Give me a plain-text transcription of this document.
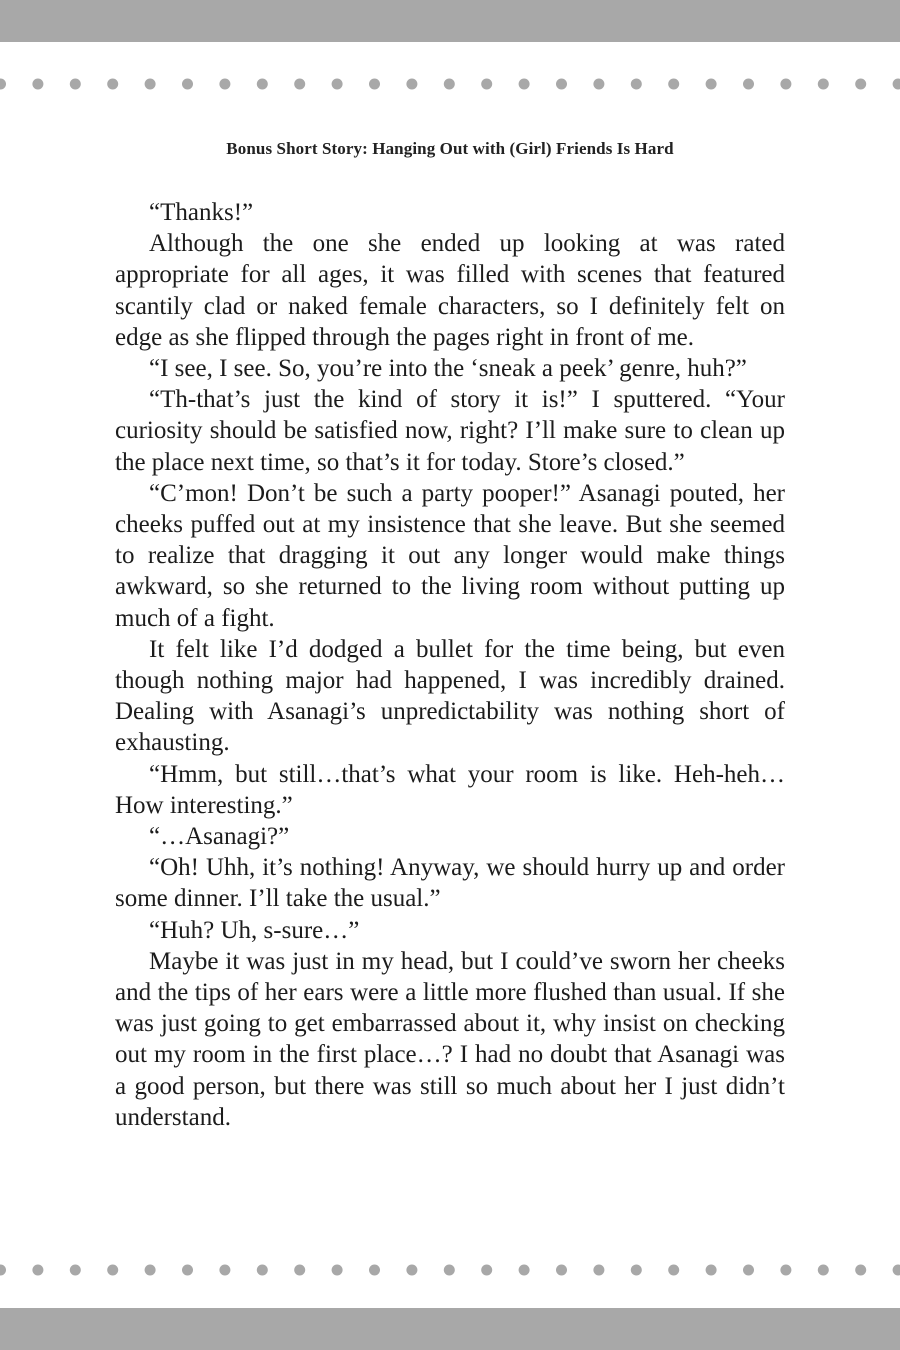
Bonus Short Story: Hanging Out with (Girl) Friends Is Hard

“Thanks!”

Although the one she ended up looking at was rated appropriate for all ages, it was filled with scenes that featured scantily clad or naked female characters, so I definitely felt on edge as she flipped through the pages right in front of me.

“I see, I see. So, you’re into the ‘sneak a peek’ genre, huh?”

“Th-that’s just the kind of story it is!” I sputtered. “Your curiosity should be satisfied now, right? I’ll make sure to clean up the place next time, so that’s it for today. Store’s closed.”

“C’mon! Don’t be such a party pooper!” Asanagi pouted, her cheeks puffed out at my insistence that she leave. But she seemed to realize that dragging it out any longer would make things awkward, so she returned to the living room without putting up much of a fight.

It felt like I’d dodged a bullet for the time being, but even though nothing major had happened, I was incredibly drained. Dealing with Asanagi’s unpredictability was nothing short of exhausting.

“Hmm, but still…that’s what your room is like. Heh-heh… How interesting.”

“…Asanagi?”

“Oh! Uhh, it’s nothing! Anyway, we should hurry up and order some dinner. I’ll take the usual.”

“Huh? Uh, s-sure…”

Maybe it was just in my head, but I could’ve sworn her cheeks and the tips of her ears were a little more flushed than usual. If she was just going to get embarrassed about it, why insist on checking out my room in the first place…? I had no doubt that Asanagi was a good person, but there was still so much about her I just didn’t understand.
